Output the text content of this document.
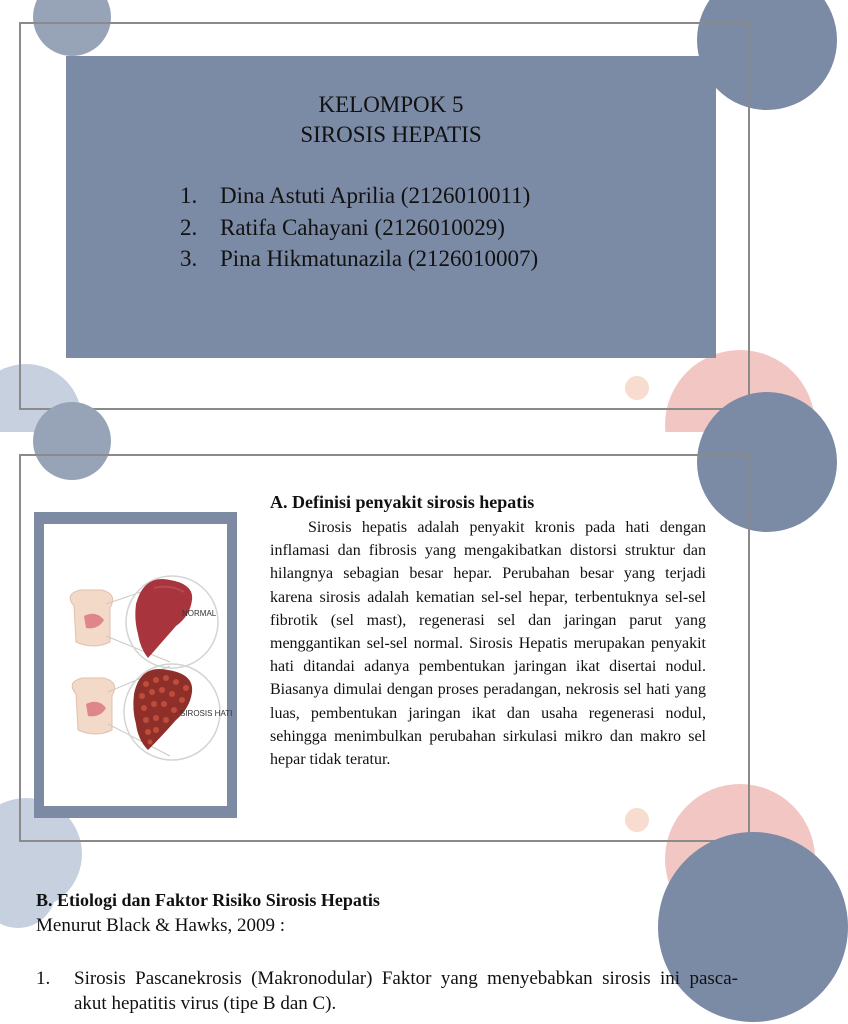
KELOMPOK 5
SIROSIS HEPATIS
1. Dina Astuti Aprilia (2126010011)
2. Ratifa Cahayani (2126010029)
3. Pina Hikmatunazila (2126010007)
NORMAL
SIROSIS HATI
A. Definisi penyakit sirosis hepatis
Sirosis hepatis adalah penyakit kronis pada hati dengan inflamasi dan fibrosis yang mengakibatkan distorsi struktur dan hilangnya sebagian besar hepar. Perubahan besar yang terjadi karena sirosis adalah kematian sel-sel hepar, terbentuknya sel-sel fibrotik (sel mast), regenerasi sel dan jaringan parut yang menggantikan sel-sel normal. Sirosis Hepatis merupakan penyakit hati ditandai adanya pembentukan jaringan ikat disertai nodul. Biasanya dimulai dengan proses peradangan, nekrosis sel hati yang luas, pembentukan jaringan ikat dan usaha regenerasi nodul, sehingga menimbulkan perubahan sirkulasi mikro dan makro sel hepar tidak teratur.
B. Etiologi dan Faktor Risiko Sirosis Hepatis
Menurut Black & Hawks, 2009 :
1. Sirosis Pascanekrosis (Makronodular) Faktor yang menyebabkan sirosis ini pasca- akut hepatitis virus (tipe B dan C).
